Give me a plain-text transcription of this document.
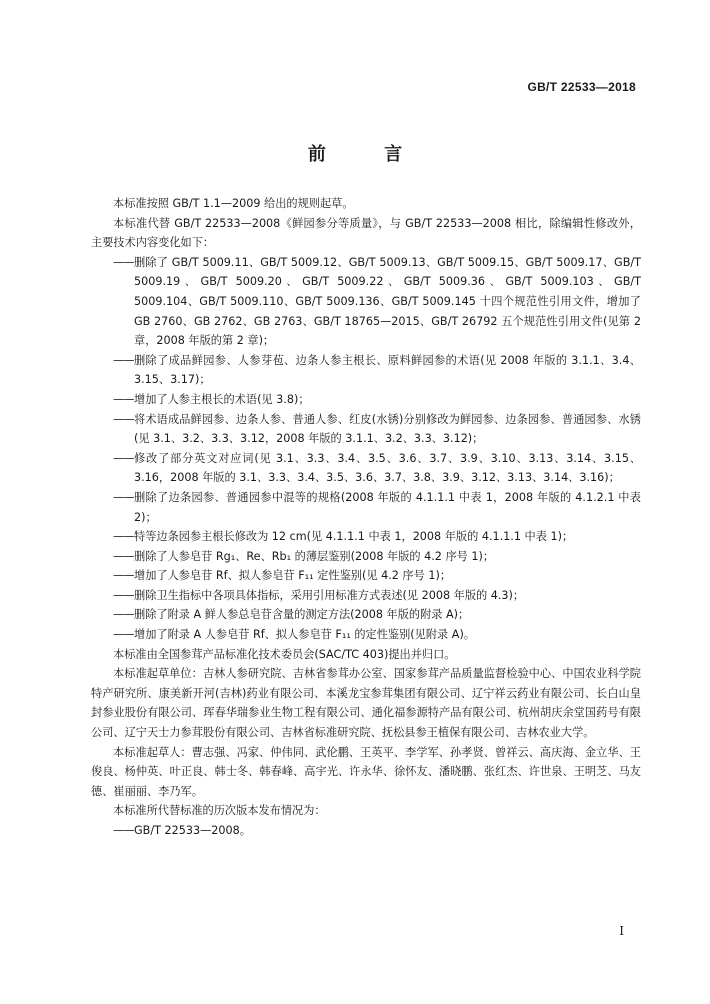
GB/T 22533—2018
前 言

本标准按照 GB/T 1.1—2009 给出的规则起草。

本标准代替 GB/T 22533—2008《鲜园参分等质量》，与 GB/T 22533—2008 相比，除编辑性修改外，主要技术内容变化如下：

—— 删除了 GB/T 5009.11、GB/T 5009.12、GB/T 5009.13、GB/T 5009.15、GB/T 5009.17、GB/T 5009.19、GB/T 5009.20、GB/T 5009.22、GB/T 5009.36、GB/T 5009.103、GB/T 5009.104、GB/T 5009.110、GB/T 5009.136、GB/T 5009.145 十四个规范性引用文件，增加了 GB 2760、GB 2762、GB 2763、GB/T 18765—2015、GB/T 26792 五个规范性引用文件(见第 2 章，2008 年版的第 2 章)；
—— 删除了成品鲜园参、人参芽苞、边条人参主根长、原料鲜园参的术语(见 2008 年版的 3.1.1、3.4、3.15、3.17)；
—— 增加了人参主根长的术语(见 3.8)；
—— 将术语成品鲜园参、边条人参、普通人参、红皮(水锈)分别修改为鲜园参、边条园参、普通园参、水锈(见 3.1、3.2、3.3、3.12，2008 年版的 3.1.1、3.2、3.3、3.12)；
—— 修改了部分英文对应词(见 3.1、3.3、3.4、3.5、3.6、3.7、3.9、3.10、3.13、3.14、3.15、3.16，2008 年版的 3.1、3.3、3.4、3.5、3.6、3.7、3.8、3.9、3.12、3.13、3.14、3.16)；
—— 删除了边条园参、普通园参中混等的规格(2008 年版的 4.1.1.1 中表 1，2008 年版的 4.1.2.1 中表 2)；
—— 特等边条园参主根长修改为 12 cm(见 4.1.1.1 中表 1，2008 年版的 4.1.1.1 中表 1)；
—— 删除了人参皂苷 Rg₁、Re、Rb₁ 的薄层鉴别(2008 年版的 4.2 序号 1)；
—— 增加了人参皂苷 Rf、拟人参皂苷 F₁₁ 定性鉴别(见 4.2 序号 1)；
—— 删除卫生指标中各项具体指标，采用引用标准方式表述(见 2008 年版的 4.3)；
—— 删除了附录 A 鲜人参总皂苷含量的测定方法(2008 年版的附录 A)；
—— 增加了附录 A 人参皂苷 Rf、拟人参皂苷 F₁₁ 的定性鉴别(见附录 A)。

本标准由全国参茸产品标准化技术委员会(SAC/TC 403)提出并归口。

本标准起草单位：吉林人参研究院、吉林省参茸办公室、国家参茸产品质量监督检验中心、中国农业科学院特产研究所、康美新开河(吉林)药业有限公司、本溪龙宝参茸集团有限公司、辽宁祥云药业有限公司、长白山皇封参业股份有限公司、珲春华瑞参业生物工程有限公司、通化福参源特产品有限公司、杭州胡庆余堂国药号有限公司、辽宁天士力参茸股份有限公司、吉林省标准研究院、抚松县参王植保有限公司、吉林农业大学。

本标准起草人：曹志强、冯家、仲伟同、武伦鹏、王英平、李学军、孙孝贤、曾祥云、高庆海、金立华、王俊良、杨仲英、叶正良、韩士冬、韩春峰、高宇光、许永华、徐怀友、潘晓鹏、张红杰、许世泉、王明芝、马友德、崔丽丽、李乃军。

本标准所代替标准的历次版本发布情况为：

—— GB/T 22533—2008。
I
